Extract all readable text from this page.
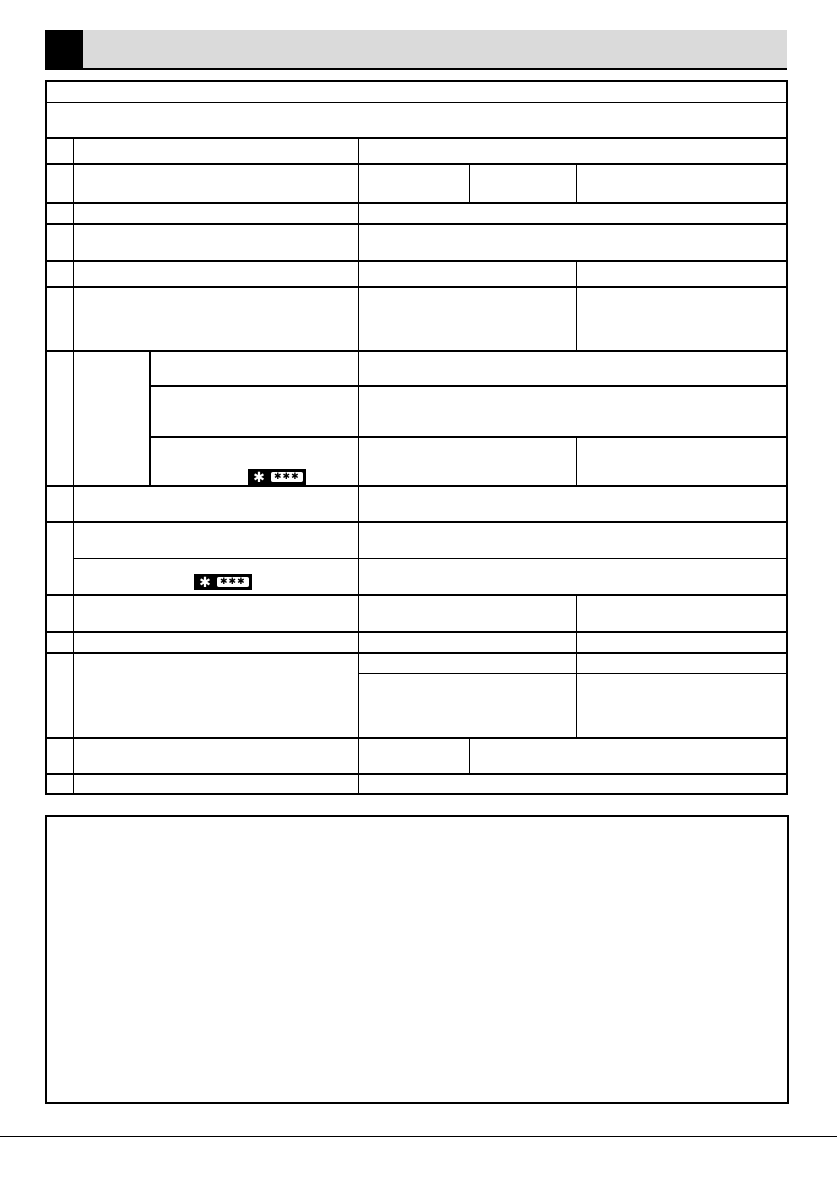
✱	✱✱✱
✱	✱✱✱
